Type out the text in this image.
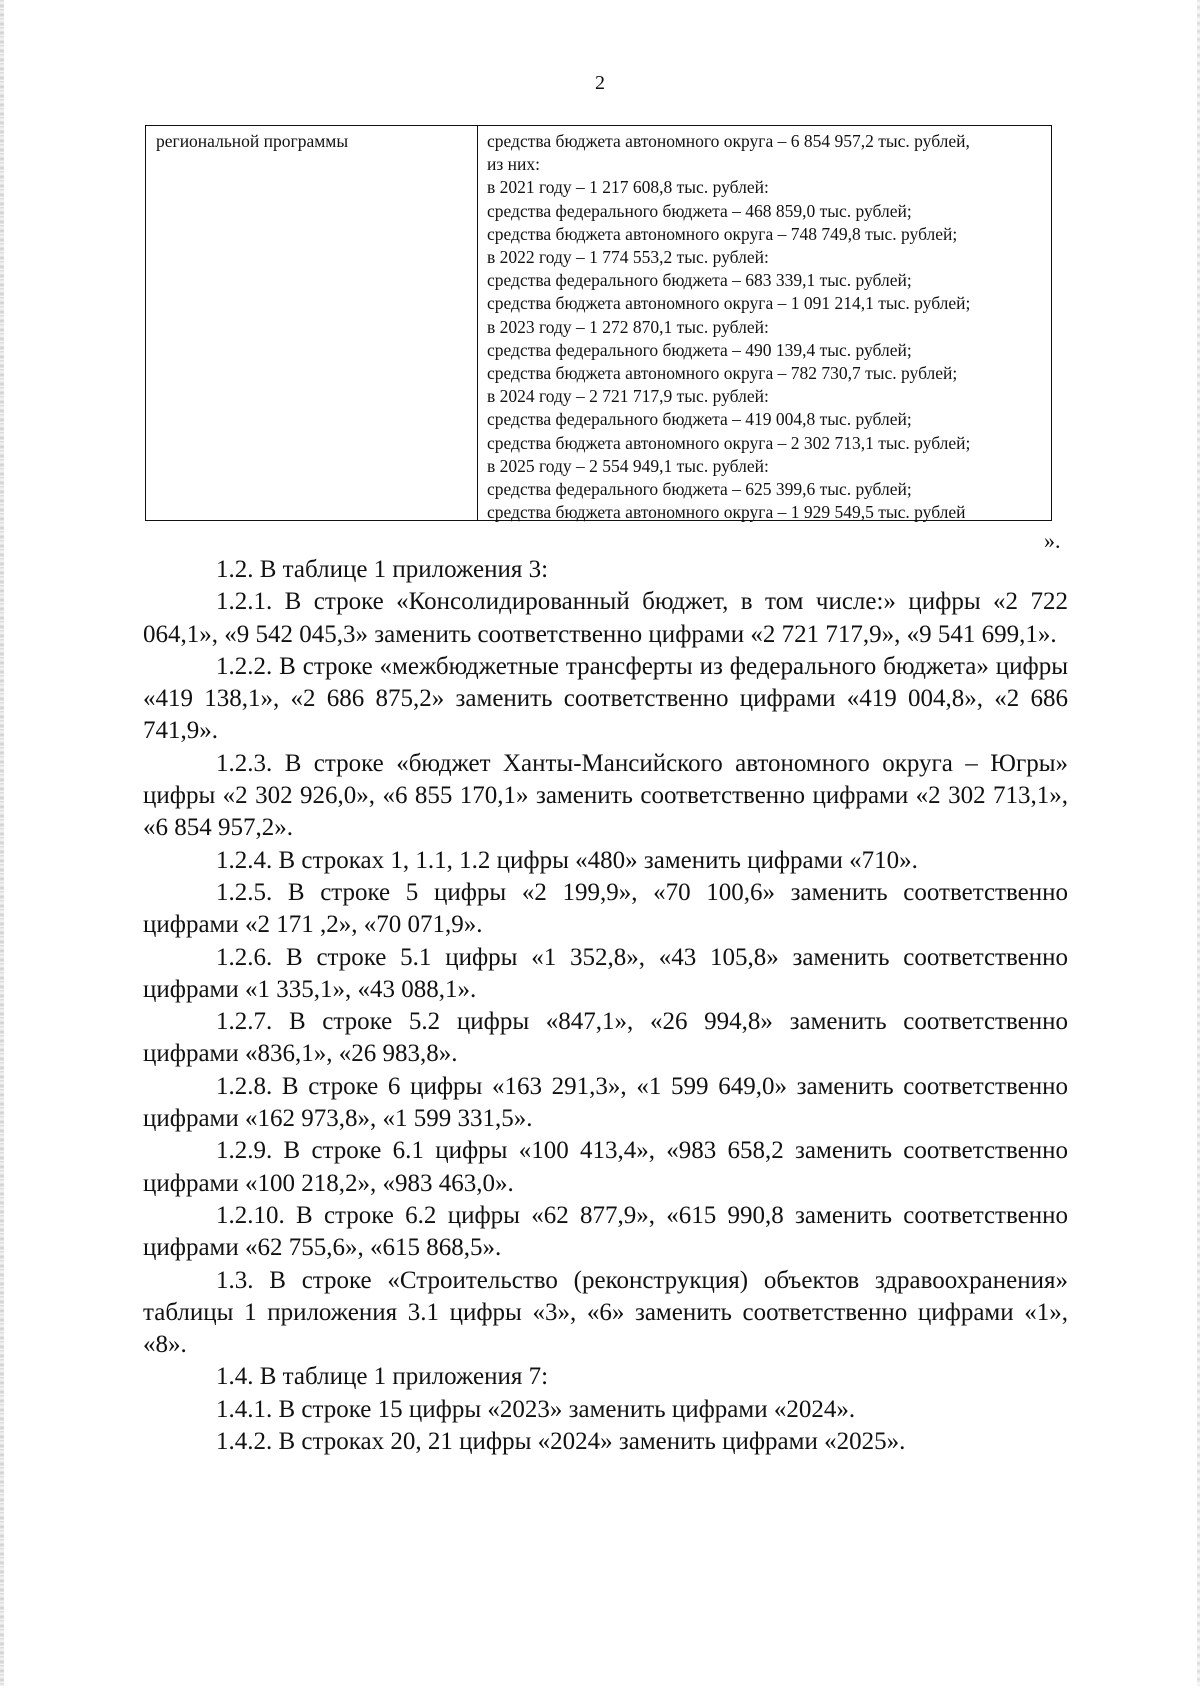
2
региональной программы	средства бюджета автономного округа – 6 854 957,2 тыс. рублей,
из них:
в 2021 году – 1 217 608,8 тыс. рублей:
средства федерального бюджета – 468 859,0 тыс. рублей;
средства бюджета автономного округа – 748 749,8 тыс. рублей;
в 2022 году – 1 774 553,2 тыс. рублей:
средства федерального бюджета – 683 339,1 тыс. рублей;
средства бюджета автономного округа – 1 091 214,1 тыс. рублей;
в 2023 году – 1 272 870,1 тыс. рублей:
средства федерального бюджета – 490 139,4 тыс. рублей;
средства бюджета автономного округа – 782 730,7 тыс. рублей;
в 2024 году – 2 721 717,9 тыс. рублей:
средства федерального бюджета – 419 004,8 тыс. рублей;
средства бюджета автономного округа – 2 302 713,1 тыс. рублей;
в 2025 году – 2 554 949,1 тыс. рублей:
средства федерального бюджета – 625 399,6 тыс. рублей;
средства бюджета автономного округа – 1 929 549,5 тыс. рублей
».

1.2. В таблице 1 приложения 3:

1.2.1. В строке «Консолидированный бюджет, в том числе:» цифры «2 722 064,1», «9 542 045,3» заменить соответственно цифрами «2 721 717,9», «9 541 699,1».

1.2.2. В строке «межбюджетные трансферты из федерального бюджета» цифры «419 138,1», «2 686 875,2» заменить соответственно цифрами «419 004,8», «2 686 741,9».

1.2.3. В строке «бюджет Ханты-Мансийского автономного округа – Югры» цифры «2 302 926,0», «6 855 170,1» заменить соответственно цифрами «2 302 713,1», «6 854 957,2».

1.2.4. В строках 1, 1.1, 1.2 цифры «480» заменить цифрами «710».

1.2.5. В строке 5 цифры «2 199,9», «70 100,6» заменить соответственно цифрами «2 171 ,2», «70 071,9».

1.2.6. В строке 5.1 цифры «1 352,8», «43 105,8» заменить соответственно цифрами «1 335,1», «43 088,1».

1.2.7. В строке 5.2 цифры «847,1», «26 994,8» заменить соответственно цифрами «836,1», «26 983,8».

1.2.8. В строке 6 цифры «163 291,3», «1 599 649,0» заменить соответственно цифрами «162 973,8», «1 599 331,5».

1.2.9. В строке 6.1 цифры «100 413,4», «983 658,2 заменить соответственно цифрами «100 218,2», «983 463,0».

1.2.10. В строке 6.2 цифры «62 877,9», «615 990,8 заменить соответственно цифрами «62 755,6», «615 868,5».

1.3. В строке «Строительство (реконструкция) объектов здравоохранения» таблицы 1 приложения 3.1 цифры «3», «6» заменить соответственно цифрами «1», «8».

1.4. В таблице 1 приложения 7:

1.4.1. В строке 15 цифры «2023» заменить цифрами «2024».

1.4.2. В строках 20, 21 цифры «2024» заменить цифрами «2025».
